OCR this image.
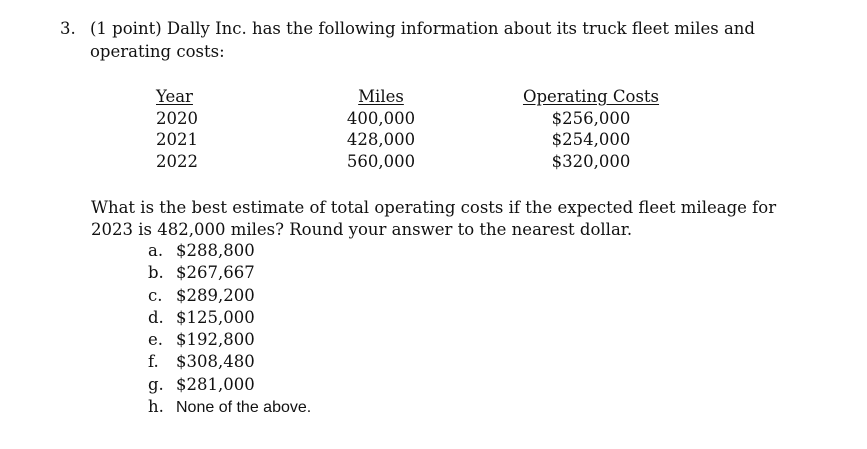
3. (1 point) Dally Inc. has the following information about its truck fleet miles and
operating costs:
Year	Miles	Operating Costs
2020	400,000	$256,000
2021	428,000	$254,000
2022	560,000	$320,000
What is the best estimate of total operating costs if the expected fleet mileage for
2023 is 482,000 miles? Round your answer to the nearest dollar.
a. $288,800
b. $267,667
c. $289,200
d. $125,000
e. $192,800
f. $308,480
g. $281,000
h. None of the above.
